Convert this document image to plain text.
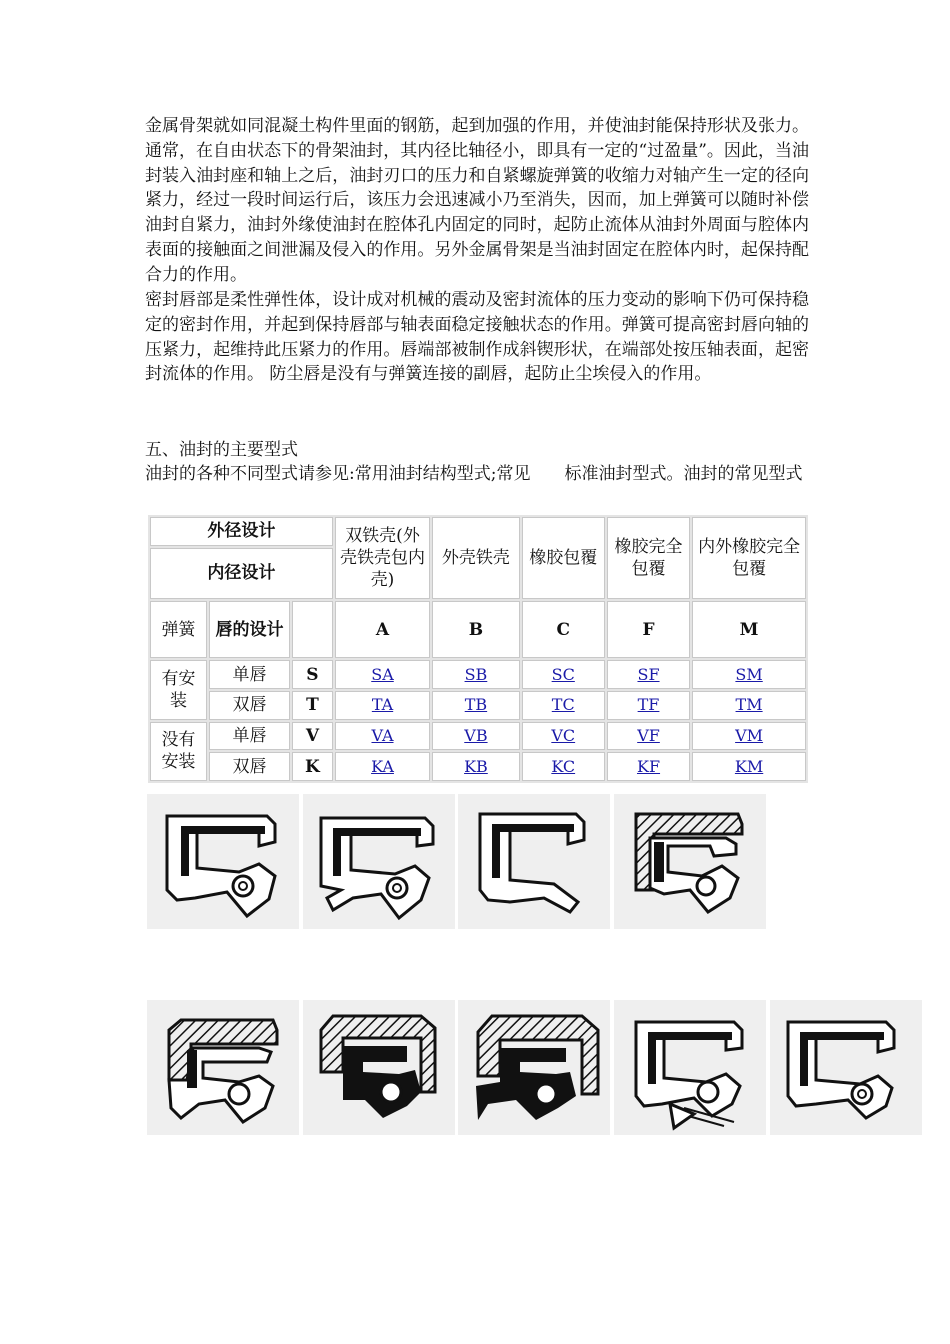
金属骨架就如同混凝土构件里面的钢筋，起到加强的作用，并使油封能保持形状及张力。通常，在自由状态下的骨架油封，其内径比轴径小，即具有一定的“过盈量”。因此，当油封装入油封座和轴上之后，油封刃口的压力和自紧螺旋弹簧的收缩力对轴产生一定的径向紧力，经过一段时间运行后，该压力会迅速减小乃至消失，因而，加上弹簧可以随时补偿油封自紧力，油封外缘使油封在腔体孔内固定的同时，起防止流体从油封外周面与腔体内表面的接触面之间泄漏及侵入的作用。另外金属骨架是当油封固定在腔体内时，起保持配合力的作用。

密封唇部是柔性弹性体，设计成对机械的震动及密封流体的压力变动的影响下仍可保持稳定的密封作用，并起到保持唇部与轴表面稳定接触状态的作用。弹簧可提高密封唇向轴的压紧力，起维持此压紧力的作用。唇端部被制作成斜锲形状，在端部处按压轴表面，起密封流体的作用。 防尘唇是没有与弹簧连接的副唇，起防止尘埃侵入的作用。

五、油封的主要型式

油封的各种不同型式请参见:常用油封结构型式;常见　　标准油封型式。油封的常见型式

外径设计			双铁壳(外壳铁壳包内壳)	外壳铁壳	橡胶包覆	橡胶完全包覆	内外橡胶完全包覆
内径设计							
弹簧	唇的设计		A	B	C	F	M
有安装	单唇	S	SA	SB	SC	SF	SM
	双唇	T	TA	TB	TC	TF	TM
没有安装	单唇	V	VA	VB	VC	VF	VM
	双唇	K	KA	KB	KC	KF	KM
